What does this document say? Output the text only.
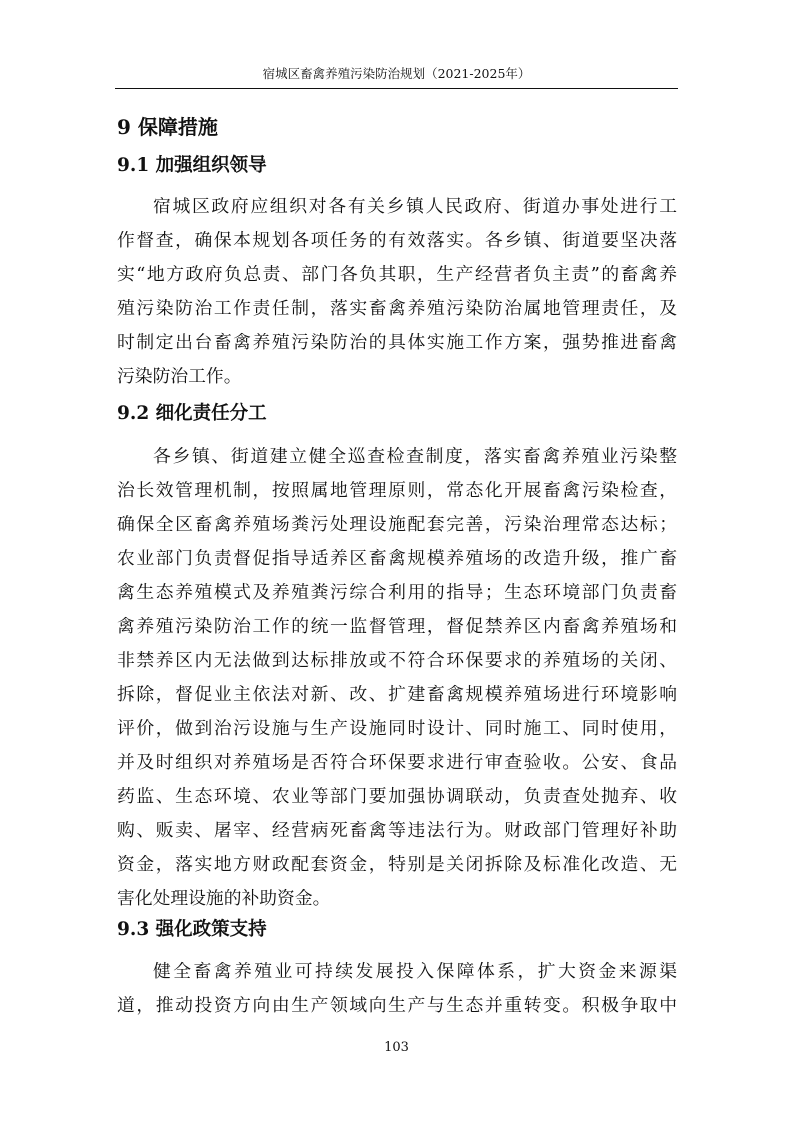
宿城区畜禽养殖污染防治规划（2021-2025年）
9 保障措施
9.1 加强组织领导
宿城区政府应组织对各有关乡镇人民政府、街道办事处进行工
作督查，确保本规划各项任务的有效落实。各乡镇、街道要坚决落
实“地方政府负总责、部门各负其职，生产经营者负主责”的畜禽养
殖污染防治工作责任制，落实畜禽养殖污染防治属地管理责任，及
时制定出台畜禽养殖污染防治的具体实施工作方案，强势推进畜禽
污染防治工作。
9.2 细化责任分工
各乡镇、街道建立健全巡查检查制度，落实畜禽养殖业污染整
治长效管理机制，按照属地管理原则，常态化开展畜禽污染检查，
确保全区畜禽养殖场粪污处理设施配套完善，污染治理常态达标；
农业部门负责督促指导适养区畜禽规模养殖场的改造升级，推广畜
禽生态养殖模式及养殖粪污综合利用的指导；生态环境部门负责畜
禽养殖污染防治工作的统一监督管理，督促禁养区内畜禽养殖场和
非禁养区内无法做到达标排放或不符合环保要求的养殖场的关闭、
拆除，督促业主依法对新、改、扩建畜禽规模养殖场进行环境影响
评价，做到治污设施与生产设施同时设计、同时施工、同时使用，
并及时组织对养殖场是否符合环保要求进行审查验收。公安、食品
药监、生态环境、农业等部门要加强协调联动，负责查处抛弃、收
购、贩卖、屠宰、经营病死畜禽等违法行为。财政部门管理好补助
资金，落实地方财政配套资金，特别是关闭拆除及标准化改造、无
害化处理设施的补助资金。
9.3 强化政策支持
健全畜禽养殖业可持续发展投入保障体系，扩大资金来源渠
道，推动投资方向由生产领域向生产与生态并重转变。积极争取中
103
